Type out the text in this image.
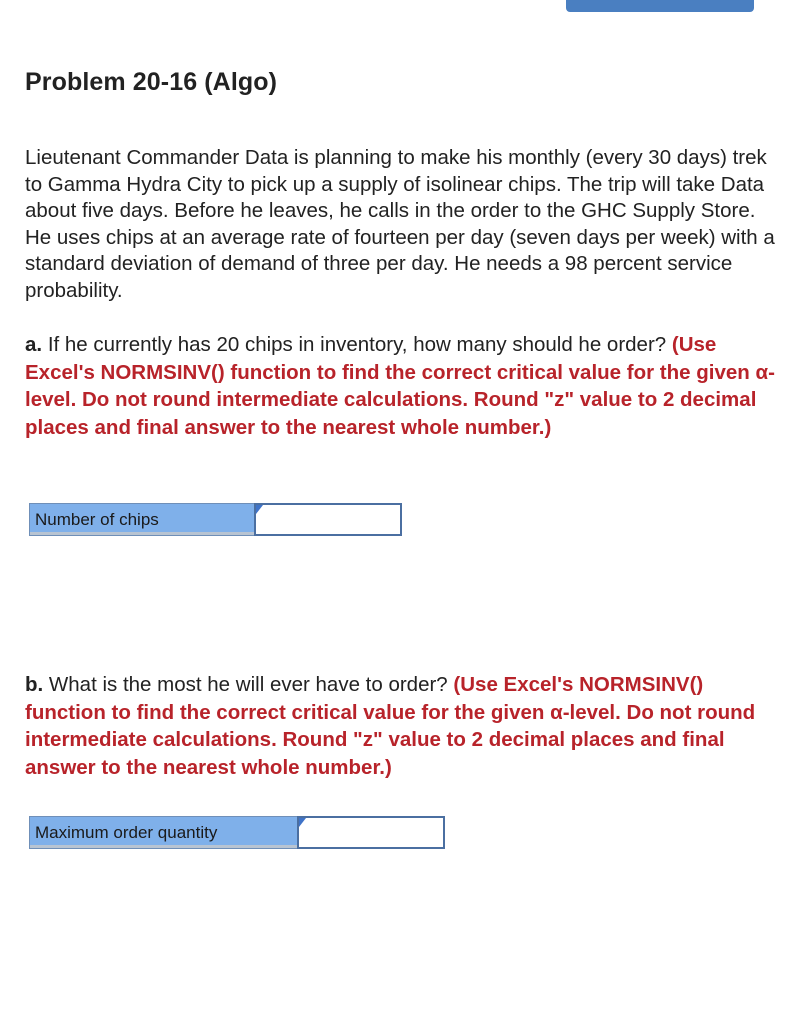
Problem 20-16 (Algo)

Lieutenant Commander Data is planning to make his monthly (every 30 days) trek to Gamma Hydra City to pick up a supply of isolinear chips. The trip will take Data about five days. Before he leaves, he calls in the order to the GHC Supply Store. He uses chips at an average rate of fourteen per day (seven days per week) with a standard deviation of demand of three per day. He needs a 98 percent service probability.

a. If he currently has 20 chips in inventory, how many should he order? (Use Excel's NORMSINV() function to find the correct critical value for the given α-level. Do not round intermediate calculations. Round "z" value to 2 decimal places and final answer to the nearest whole number.)

Number of chips

b. What is the most he will ever have to order? (Use Excel's NORMSINV() function to find the correct critical value for the given α-level. Do not round intermediate calculations. Round "z" value to 2 decimal places and final answer to the nearest whole number.)

Maximum order quantity
